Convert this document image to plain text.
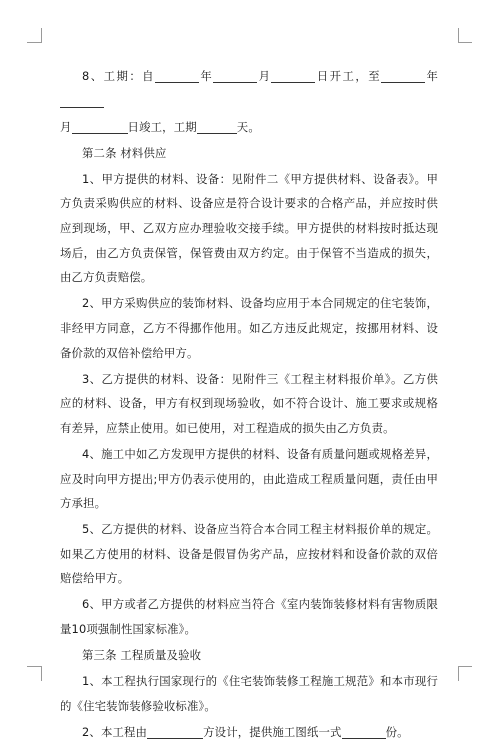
8、工期：自	年	月	日开工，至	年

月	日竣工，工期	天。

第二条 材料供应

1、甲方提供的材料、设备：见附件二《甲方提供材料、设备表》。甲方负责采购供应的材料、设备应是符合设计要求的合格产品，并应按时供应到现场，甲、乙双方应办理验收交接手续。甲方提供的材料按时抵达现场后，由乙方负责保管，保管费由双方约定。由于保管不当造成的损失，由乙方负责赔偿。

2、甲方采购供应的装饰材料、设备均应用于本合同规定的住宅装饰，非经甲方同意，乙方不得挪作他用。如乙方违反此规定，按挪用材料、设备价款的双倍补偿给甲方。

3、乙方提供的材料、设备：见附件三《工程主材料报价单》。乙方供应的材料、设备，甲方有权到现场验收，如不符合设计、施工要求或规格有差异，应禁止使用。如已使用，对工程造成的损失由乙方负责。

4、施工中如乙方发现甲方提供的材料、设备有质量问题或规格差异，应及时向甲方提出;甲方仍表示使用的，由此造成工程质量问题，责任由甲方承担。

5、乙方提供的材料、设备应当符合本合同工程主材料报价单的规定。如果乙方使用的材料、设备是假冒伪劣产品，应按材料和设备价款的双倍赔偿给甲方。

6、甲方或者乙方提供的材料应当符合《室内装饰装修材料有害物质限量10项强制性国家标准》。

第三条 工程质量及验收

1、本工程执行国家现行的《住宅装饰装修工程施工规范》和本市现行的《住宅装饰装修验收标准》。

2、本工程由	方设计，提供施工图纸一式	份。
